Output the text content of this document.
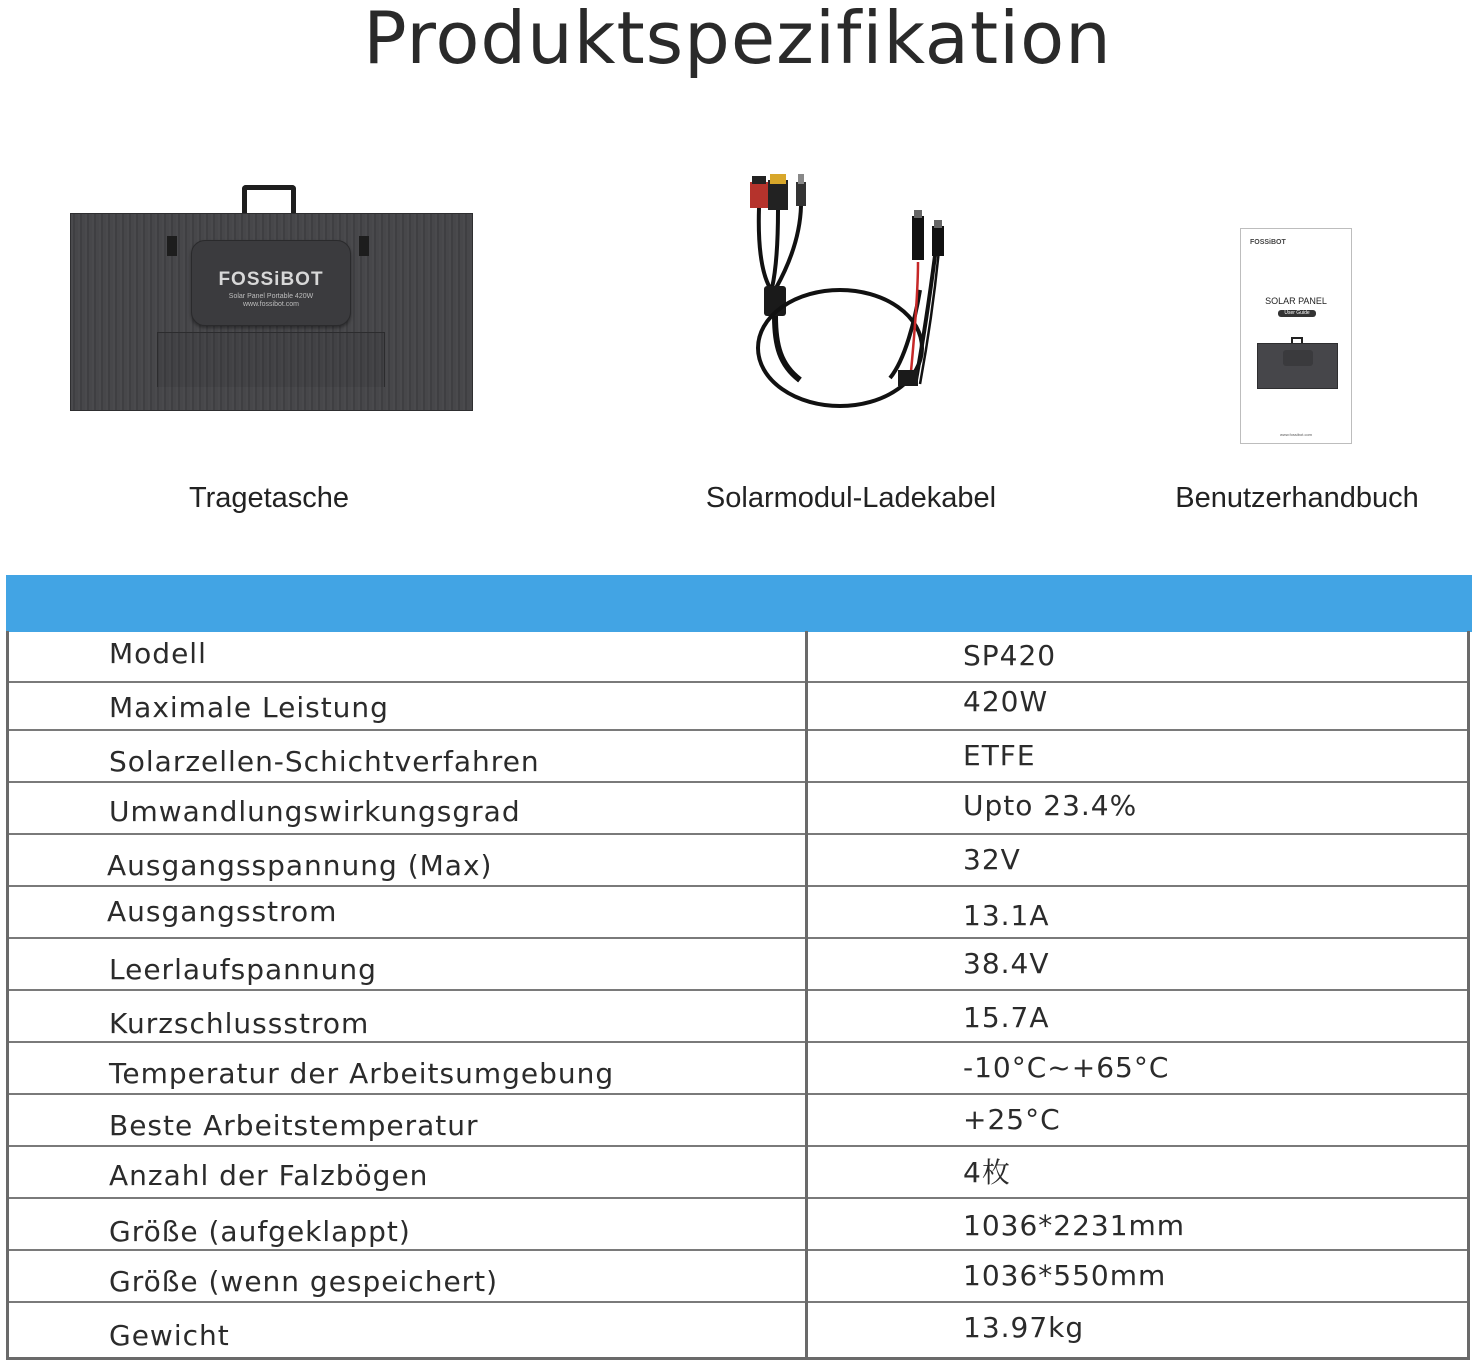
Produktspezifikation
FOSSiBOT
Solar Panel Portable 420W
www.fossibot.com
Tragetasche	Solarmodul-Ladekabel
FOSSiBOT
SOLAR PANEL
User Guide
www.fossibot.com
Benutzerhandbuch
Modell	SP420
Maximale Leistung	420W
Solarzellen-Schichtverfahren	ETFE
Umwandlungswirkungsgrad	Upto 23.4%
Ausgangsspannung (Max)	32V
Ausgangsstrom	13.1A
Leerlaufspannung	38.4V
Kurzschlussstrom	15.7A
Temperatur der Arbeitsumgebung	-10°C~+65°C
Beste Arbeitstemperatur	+25°C
Anzahl der Falzbögen	4枚
Größe (aufgeklappt)	1036*2231mm
Größe (wenn gespeichert)	1036*550mm
Gewicht	13.97kg
